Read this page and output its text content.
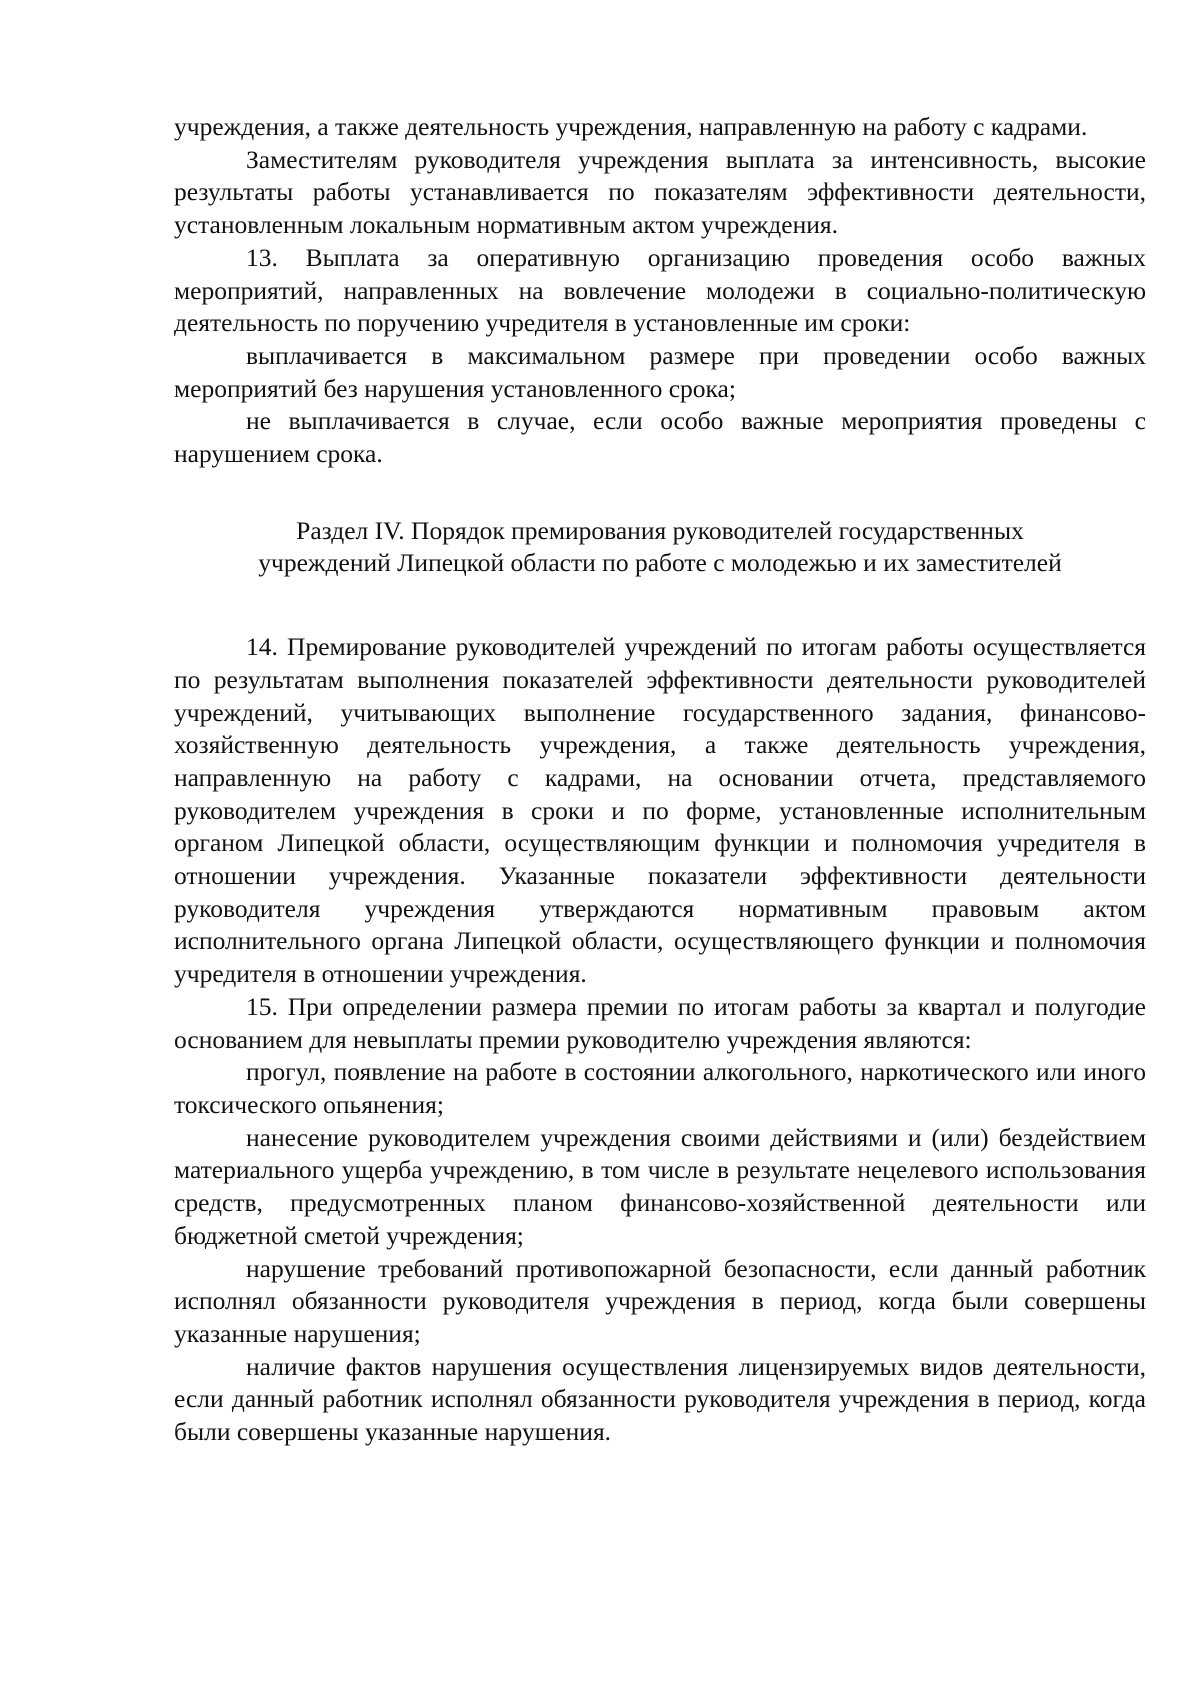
учреждения, а также деятельность учреждения, направленную на работу с кадрами.

Заместителям руководителя учреждения выплата за интенсивность, высокие результаты работы устанавливается по показателям эффективности деятельности, установленным локальным нормативным актом учреждения.

13. Выплата за оперативную организацию проведения особо важных мероприятий, направленных на вовлечение молодежи в социально-политическую деятельность по поручению учредителя в установленные им сроки:

выплачивается в максимальном размере при проведении особо важных мероприятий без нарушения установленного срока;

не выплачивается в случае, если особо важные мероприятия проведены с нарушением срока.

Раздел IV. Порядок премирования руководителей государственных
учреждений Липецкой области по работе с молодежью и их заместителей

14. Премирование руководителей учреждений по итогам работы осуществляется по результатам выполнения показателей эффективности деятельности руководителей учреждений, учитывающих выполнение государственного задания, финансово-хозяйственную деятельность учреждения, а также деятельность учреждения, направленную на работу с кадрами, на основании отчета, представляемого руководителем учреждения в сроки и по форме, установленные исполнительным органом Липецкой области, осуществляющим функции и полномочия учредителя в отношении учреждения. Указанные показатели эффективности деятельности руководителя учреждения утверждаются нормативным правовым актом исполнительного органа Липецкой области, осуществляющего функции и полномочия учредителя в отношении учреждения.

15. При определении размера премии по итогам работы за квартал и полугодие основанием для невыплаты премии руководителю учреждения являются:

прогул, появление на работе в состоянии алкогольного, наркотического или иного токсического опьянения;

нанесение руководителем учреждения своими действиями и (или) бездействием материального ущерба учреждению, в том числе в результате нецелевого использования средств, предусмотренных планом финансово-хозяйственной деятельности или бюджетной сметой учреждения;

нарушение требований противопожарной безопасности, если данный работник исполнял обязанности руководителя учреждения в период, когда были совершены указанные нарушения;

наличие фактов нарушения осуществления лицензируемых видов деятельности, если данный работник исполнял обязанности руководителя учреждения в период, когда были совершены указанные нарушения.
